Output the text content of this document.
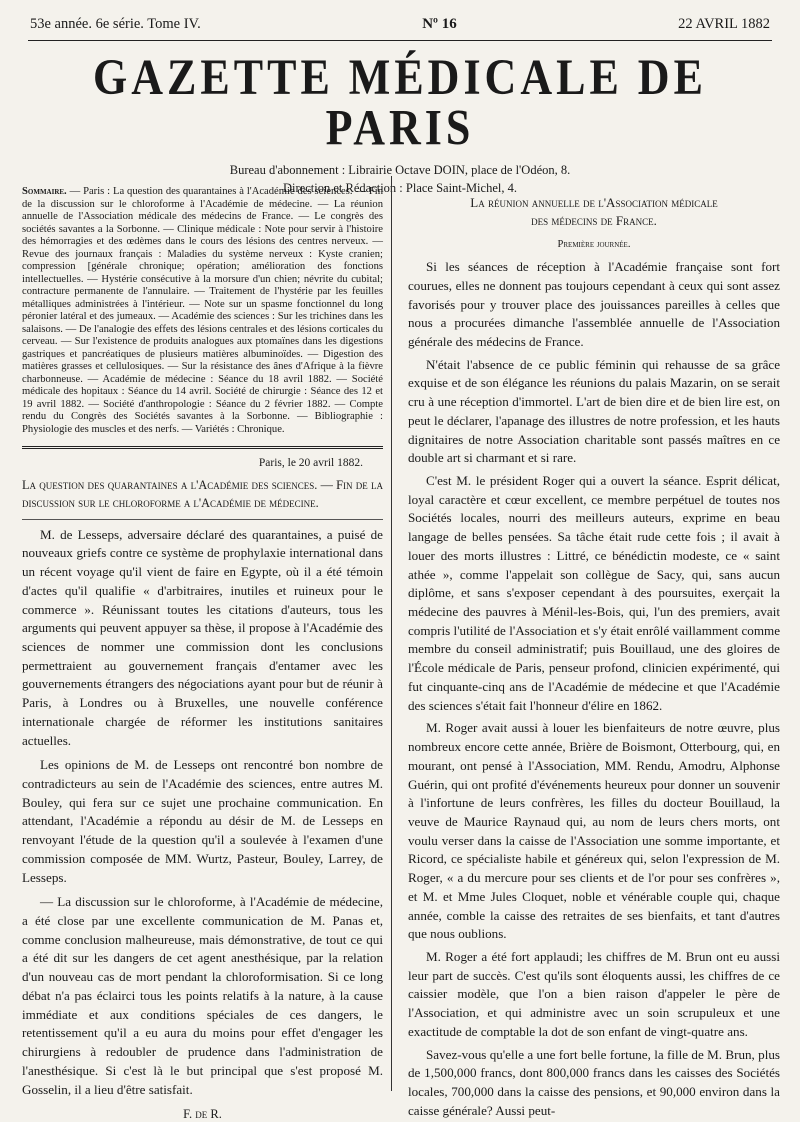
53e année. 6e série. Tome IV.	Nº 16	22 AVRIL 1882
GAZETTE MÉDICALE DE PARIS
Bureau d'abonnement : Librairie Octave DOIN, place de l'Odéon, 8.
Direction et Rédaction : Place Saint-Michel, 4.
Sommaire. — Paris : La question des quarantaines à l'Académie des sciences. — Fin de la discussion sur le chloroforme à l'Académie de médecine. — La réunion annuelle de l'Association médicale des médecins de France. — Le congrès des sociétés savantes a la Sorbonne. — Clinique médicale : Note pour servir à l'histoire des hémorragies et des œdèmes dans le cours des lésions des centres nerveux. — Revue des journaux français : Maladies du système nerveux : Kyste cranien; compression [générale chronique; opération; amélioration des fonctions intellectuelles. — Hystérie consécutive à la morsure d'un chien; névrite du cubital; contracture permanente de l'annulaire. — Traitement de l'hystérie par les feuilles métalliques administrées à l'intérieur. — Note sur un spasme fonctionnel du long péronier latéral et des jumeaux. — Académie des sciences : Sur les trichines dans les salaisons. — De l'analogie des effets des lésions centrales et des lésions corticales du cerveau. — Sur l'existence de produits analogues aux ptomaïnes dans les digestions gastriques et pancréatiques de plusieurs matières albuminoïdes. — Digestion des matières grasses et cellulosiques. — Sur la résistance des ânes d'Afrique à la fièvre charbonneuse. — Académie de médecine : Séance du 18 avril 1882. — Société médicale des hopitaux : Séance du 14 avril. Société de chirurgie : Séance des 12 et 19 avril 1882. — Société d'anthropologie : Séance du 2 février 1882. — Compte rendu du Congrès des Sociétés savantes à la Sorbonne. — Bibliographie : Physiologie des muscles et des nerfs. — Variétés : Chronique.
Paris, le 20 avril 1882.
La question des quarantaines a l'Académie des sciences. — Fin de la discussion sur le chloroforme a l'Académie de médecine.

M. de Lesseps, adversaire déclaré des quarantaines, a puisé de nouveaux griefs contre ce système de prophylaxie international dans un récent voyage qu'il vient de faire en Egypte, où il a été témoin d'actes qu'il qualifie « d'arbitraires, inutiles et ruineux pour le commerce ». Réunissant toutes les citations d'auteurs, tous les arguments qui peuvent appuyer sa thèse, il propose à l'Académie des sciences de nommer une commission dont les conclusions permettraient au gouvernement français d'entamer avec les gouvernements étrangers des négociations ayant pour but de réunir à Paris, à Londres ou à Bruxelles, une nouvelle conférence internationale chargée de réformer les institutions sanitaires actuelles.

Les opinions de M. de Lesseps ont rencontré bon nombre de contradicteurs au sein de l'Académie des sciences, entre autres M. Bouley, qui fera sur ce sujet une prochaine communication. En attendant, l'Académie a répondu au désir de M. de Lesseps en renvoyant l'étude de la question qu'il a soulevée à l'examen d'une commission composée de MM. Wurtz, Pasteur, Bouley, Larrey, de Lesseps.

— La discussion sur le chloroforme, à l'Académie de médecine, a été close par une excellente communication de M. Panas et, comme conclusion malheureuse, mais démonstrative, de tout ce qui a été dit sur les dangers de cet agent anesthésique, par la relation d'un nouveau cas de mort pendant la chloroformisation. Si ce long débat n'a pas éclairci tous les points relatifs à la nature, à la cause immédiate et aux conditions spéciales de ces dangers, le retentissement qu'il a eu aura du moins pour effet d'engager les chirurgiens à redoubler de prudence dans l'administration de l'anesthésique. Si c'est là le but principal que s'est proposé M. Gosselin, il a lieu d'être satisfait.

F. de R.
La réunion annuelle de l'Association médicale
des médecins de France.
Première journée.

Si les séances de réception à l'Académie française sont fort courues, elles ne donnent pas toujours cependant à ceux qui sont assez favorisés pour y trouver place des jouissances pareilles à celles que nous a procurées dimanche l'assemblée annuelle de l'Association générale des médecins de France.

N'était l'absence de ce public féminin qui rehausse de sa grâce exquise et de son élégance les réunions du palais Mazarin, on se serait cru à une réception d'immortel. L'art de bien dire et de bien lire est, on peut le déclarer, l'apanage des illustres de notre profession, et les hauts dignitaires de notre Association charitable sont passés maîtres en ce double art si charmant et si rare.

C'est M. le président Roger qui a ouvert la séance. Esprit délicat, loyal caractère et cœur excellent, ce membre perpétuel de toutes nos Sociétés locales, nourri des meilleurs auteurs, exprime en beau langage de belles pensées. Sa tâche était rude cette fois ; il avait à louer des morts illustres : Littré, ce bénédictin modeste, ce « saint athée », comme l'appelait son collègue de Sacy, qui, sans aucun diplôme, et sans s'exposer cependant à des poursuites, exerçait la médecine des pauvres à Ménil-les-Bois, qui, l'un des premiers, avait compris l'utilité de l'Association et s'y était enrôlé vaillamment comme membre du conseil administratif; puis Bouillaud, une des gloires de l'École médicale de Paris, penseur profond, clinicien expérimenté, qui fut cinquante-cinq ans de l'Académie de médecine et que l'Académie des sciences s'était fait l'honneur d'élire en 1862.

M. Roger avait aussi à louer les bienfaiteurs de notre œuvre, plus nombreux encore cette année, Brière de Boismont, Otterbourg, qui, en mourant, ont pensé à l'Association, MM. Rendu, Amodru, Alphonse Guérin, qui ont profité d'événements heureux pour donner un souvenir à l'infortune de leurs confrères, les filles du docteur Bouillaud, la veuve de Maurice Raynaud qui, au nom de leurs chers morts, ont voulu verser dans la caisse de l'Association une somme importante, et Ricord, ce spécialiste habile et généreux qui, selon l'expression de M. Roger, « a du mercure pour ses clients et de l'or pour ses confrères », et M. et Mme Jules Cloquet, noble et vénérable couple qui, chaque année, comble la caisse des retraites de ses bienfaits, et tant d'autres que nous oublions.

M. Roger a été fort applaudi; les chiffres de M. Brun ont eu aussi leur part de succès. C'est qu'ils sont éloquents aussi, les chiffres de ce caissier modèle, que l'on a bien raison d'appeler le père de l'Association, et qui administre avec un soin scrupuleux et une exactitude de comptable la dot de son enfant de vingt-quatre ans.

Savez-vous qu'elle a une fort belle fortune, la fille de M. Brun, plus de 1,500,000 francs, dont 800,000 francs dans les caisses des Sociétés locales, 700,000 dans la caisse des pensions, et 90,000 environ dans la caisse générale? Aussi peut-
